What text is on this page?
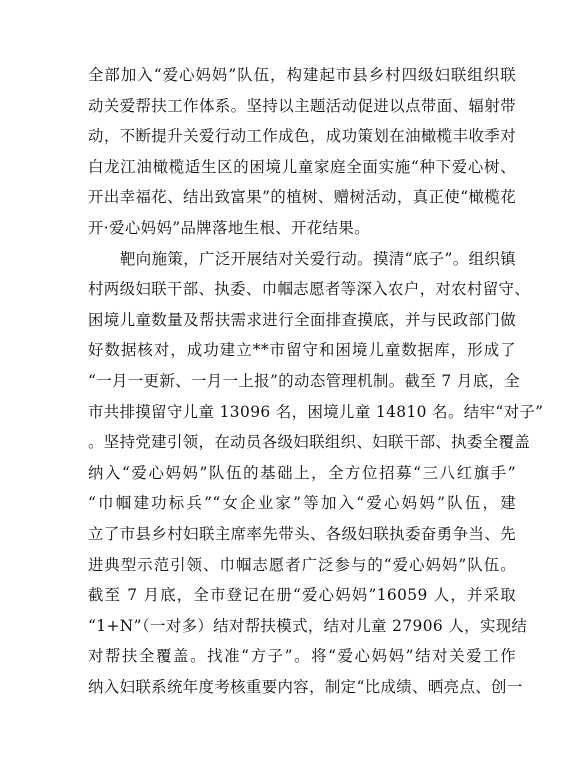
全部加入“爱心妈妈”队伍，构建起市县乡村四级妇联组织联
动关爱帮扶工作体系。坚持以主题活动促进以点带面、辐射带
动，不断提升关爱行动工作成色，成功策划在油橄榄丰收季对
白龙江油橄榄适生区的困境儿童家庭全面实施“种下爱心树、
开出幸福花、结出致富果”的植树、赠树活动，真正使“橄榄花
开·爱心妈妈”品牌落地生根、开花结果。
靶向施策，广泛开展结对关爱行动。摸清“底子”。组织镇
村两级妇联干部、执委、巾帼志愿者等深入农户，对农村留守、
困境儿童数量及帮扶需求进行全面排查摸底，并与民政部门做
好数据核对，成功建立**市留守和困境儿童数据库，形成了
“一月一更新、一月一上报”的动态管理机制。截至 7 月底，全
市共排摸留守儿童 13096 名，困境儿童 14810 名。结牢“对子”
。坚持党建引领，在动员各级妇联组织、妇联干部、执委全覆盖
纳入“爱心妈妈”队伍的基础上，全方位招募“三八红旗手”
“巾帼建功标兵”“女企业家”等加入“爱心妈妈”队伍，建
立了市县乡村妇联主席率先带头、各级妇联执委奋勇争当、先
进典型示范引领、巾帼志愿者广泛参与的“爱心妈妈”队伍。
截至 7 月底，全市登记在册“爱心妈妈”16059 人，并采取
“1+N”（一对多）结对帮扶模式，结对儿童 27906 人，实现结
对帮扶全覆盖。找准“方子”。将“爱心妈妈”结对关爱工作
纳入妇联系统年度考核重要内容，制定“比成绩、晒亮点、创一
